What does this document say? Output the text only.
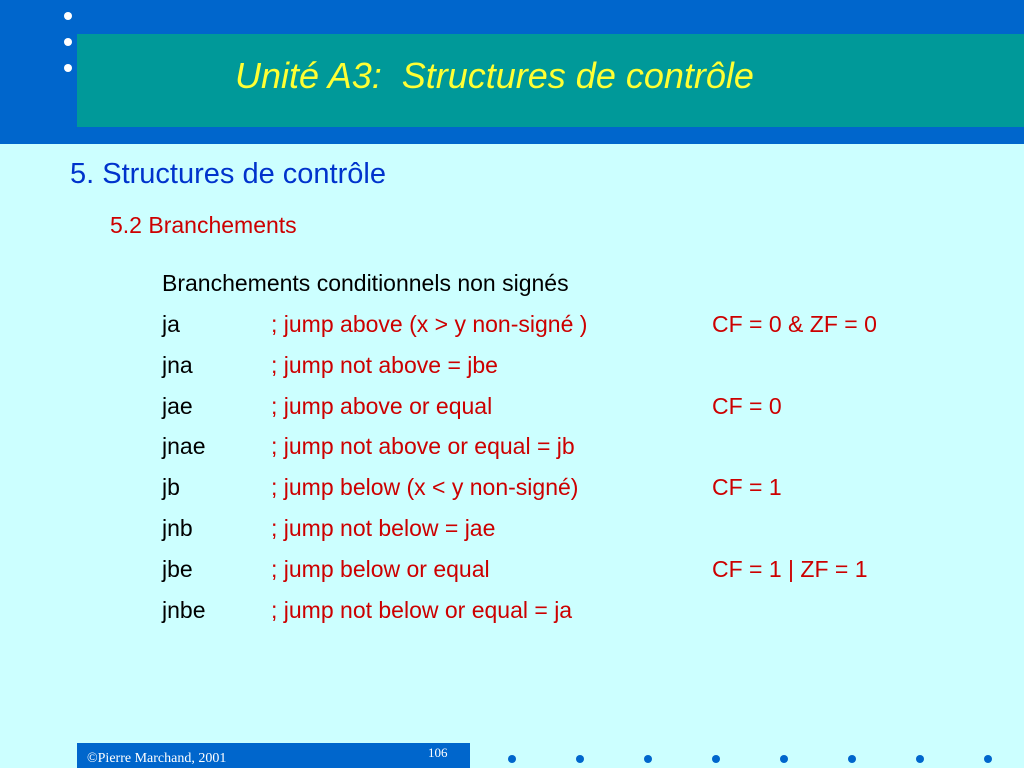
Unité A3:  Structures de contrôle
5. Structures de contrôle
5.2 Branchements
Branchements conditionnels non signés
ja	; jump above (x > y non-signé )	CF = 0 & ZF = 0
jna	; jump not above = jbe
jae	; jump above or equal	CF = 0
jnae	; jump not above or equal = jb
jb	; jump below (x < y non-signé)	CF = 1
jnb	; jump not below = jae
jbe	; jump below or equal	CF = 1 | ZF = 1
jnbe	; jump not below or equal = ja
©Pierre Marchand, 2001	106
